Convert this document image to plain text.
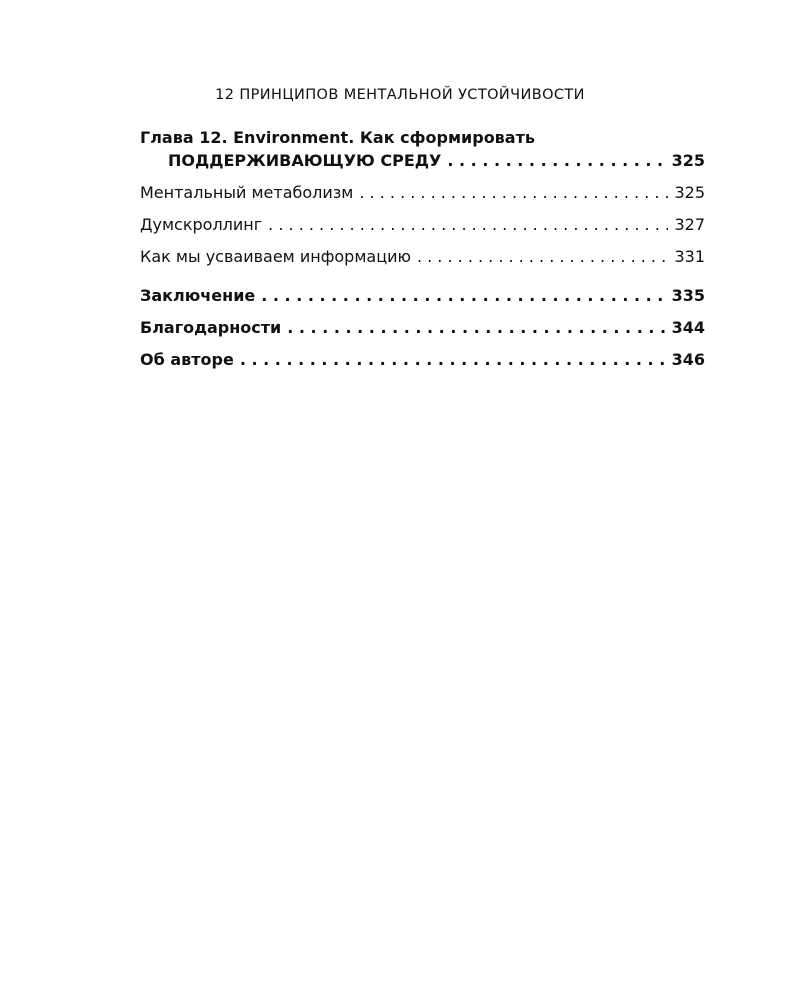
12 ПРИНЦИПОВ МЕНТАЛЬНОЙ УСТОЙЧИВОСТИ
Глава 12. Environment. Как сформировать
ПОДДЕРЖИВАЮЩУЮ СРЕДУ . . .	325
Ментальный метаболизм . . .	325
Думскроллинг . . .	327
Как мы усваиваем информацию . . .	331
Заключение . . .	335
Благодарности . . .	344
Об авторе . . .	346
